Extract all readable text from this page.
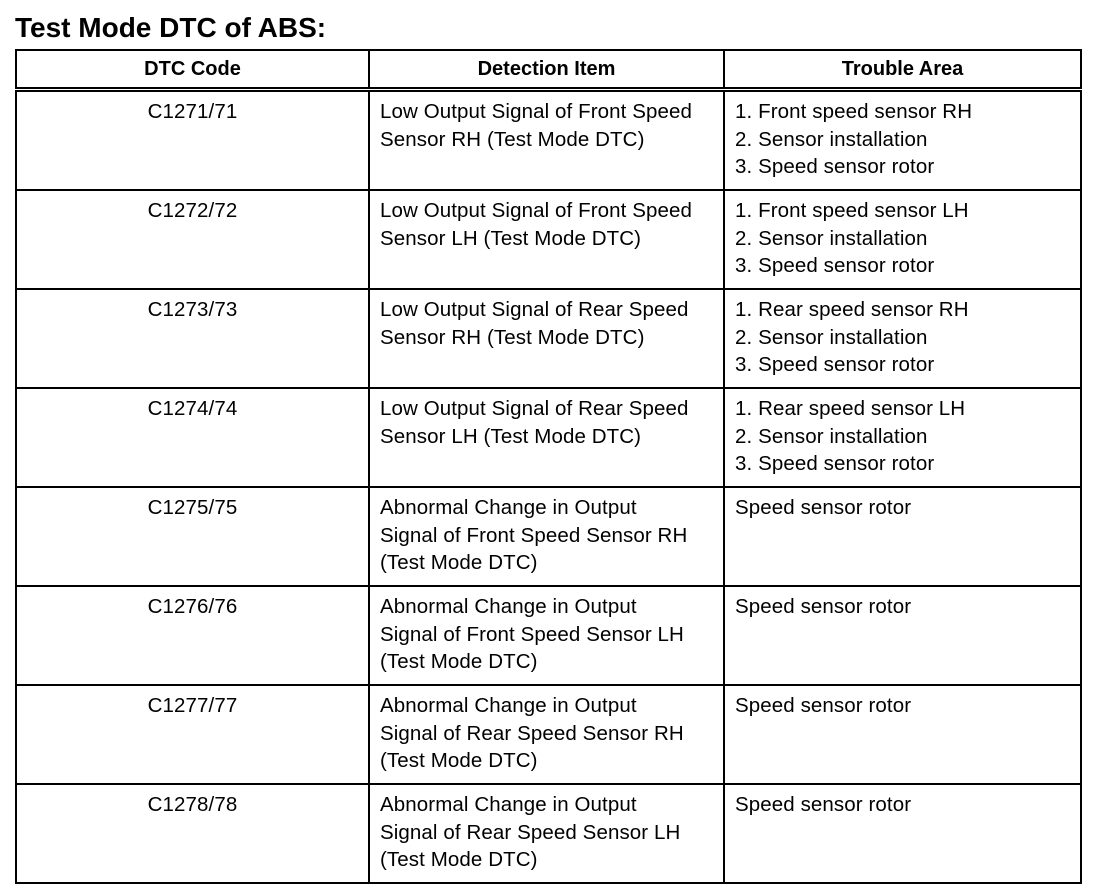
Test Mode DTC of ABS:
DTC Code	Detection Item	Trouble Area
C1271/71	Low Output Signal of Front Speed
Sensor RH (Test Mode DTC)	1. Front speed sensor RH
2. Sensor installation
3. Speed sensor rotor

C1272/72	Low Output Signal of Front Speed
Sensor LH (Test Mode DTC)	1. Front speed sensor LH
2. Sensor installation
3. Speed sensor rotor

C1273/73	Low Output Signal of Rear Speed
Sensor RH (Test Mode DTC)	1. Rear speed sensor RH
2. Sensor installation
3. Speed sensor rotor

C1274/74	Low Output Signal of Rear Speed
Sensor LH (Test Mode DTC)	1. Rear speed sensor LH
2. Sensor installation
3. Speed sensor rotor

C1275/75	Abnormal Change in Output
Signal of Front Speed Sensor RH
(Test Mode DTC)	Speed sensor rotor

C1276/76	Abnormal Change in Output
Signal of Front Speed Sensor LH
(Test Mode DTC)	Speed sensor rotor

C1277/77	Abnormal Change in Output
Signal of Rear Speed Sensor RH
(Test Mode DTC)	Speed sensor rotor

C1278/78	Abnormal Change in Output
Signal of Rear Speed Sensor LH
(Test Mode DTC)	Speed sensor rotor
